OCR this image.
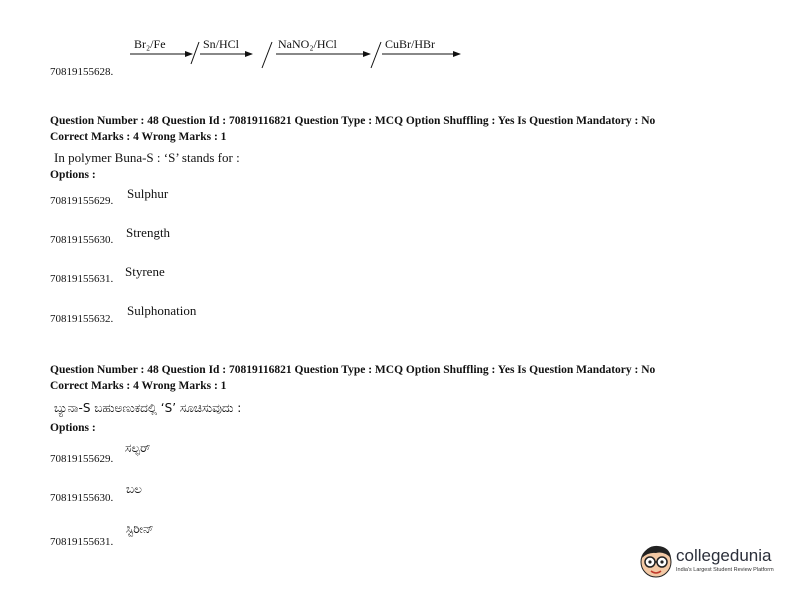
Br₂/Fe	Sn/HCl	NaNO₂/HCl	CuBr/HBr
70819155628.
Question Number : 48 Question Id : 70819116821 Question Type : MCQ Option Shuffling : Yes Is Question Mandatory : No
Correct Marks : 4 Wrong Marks : 1
In polymer Buna-S : ‘S’ stands for :
Options :
70819155629. Sulphur
70819155630. Strength
70819155631. Styrene
70819155632.
Sulphonation
Question Number : 48 Question Id : 70819116821 Question Type : MCQ Option Shuffling : Yes Is Question Mandatory : No
Correct Marks : 4 Wrong Marks : 1
ಬ್ಯುನಾ-S ಬಹುಅಣುಕದಲ್ಲಿ ‘S’ ಸೂಚಿಸುವುದು :
Options :
70819155629.
ಸಲ್ಫರ್
70819155630.
ಬಲ
70819155631.
ಸ್ಟಿರೀನ್
collegedunia
India's Largest Student Review Platform
